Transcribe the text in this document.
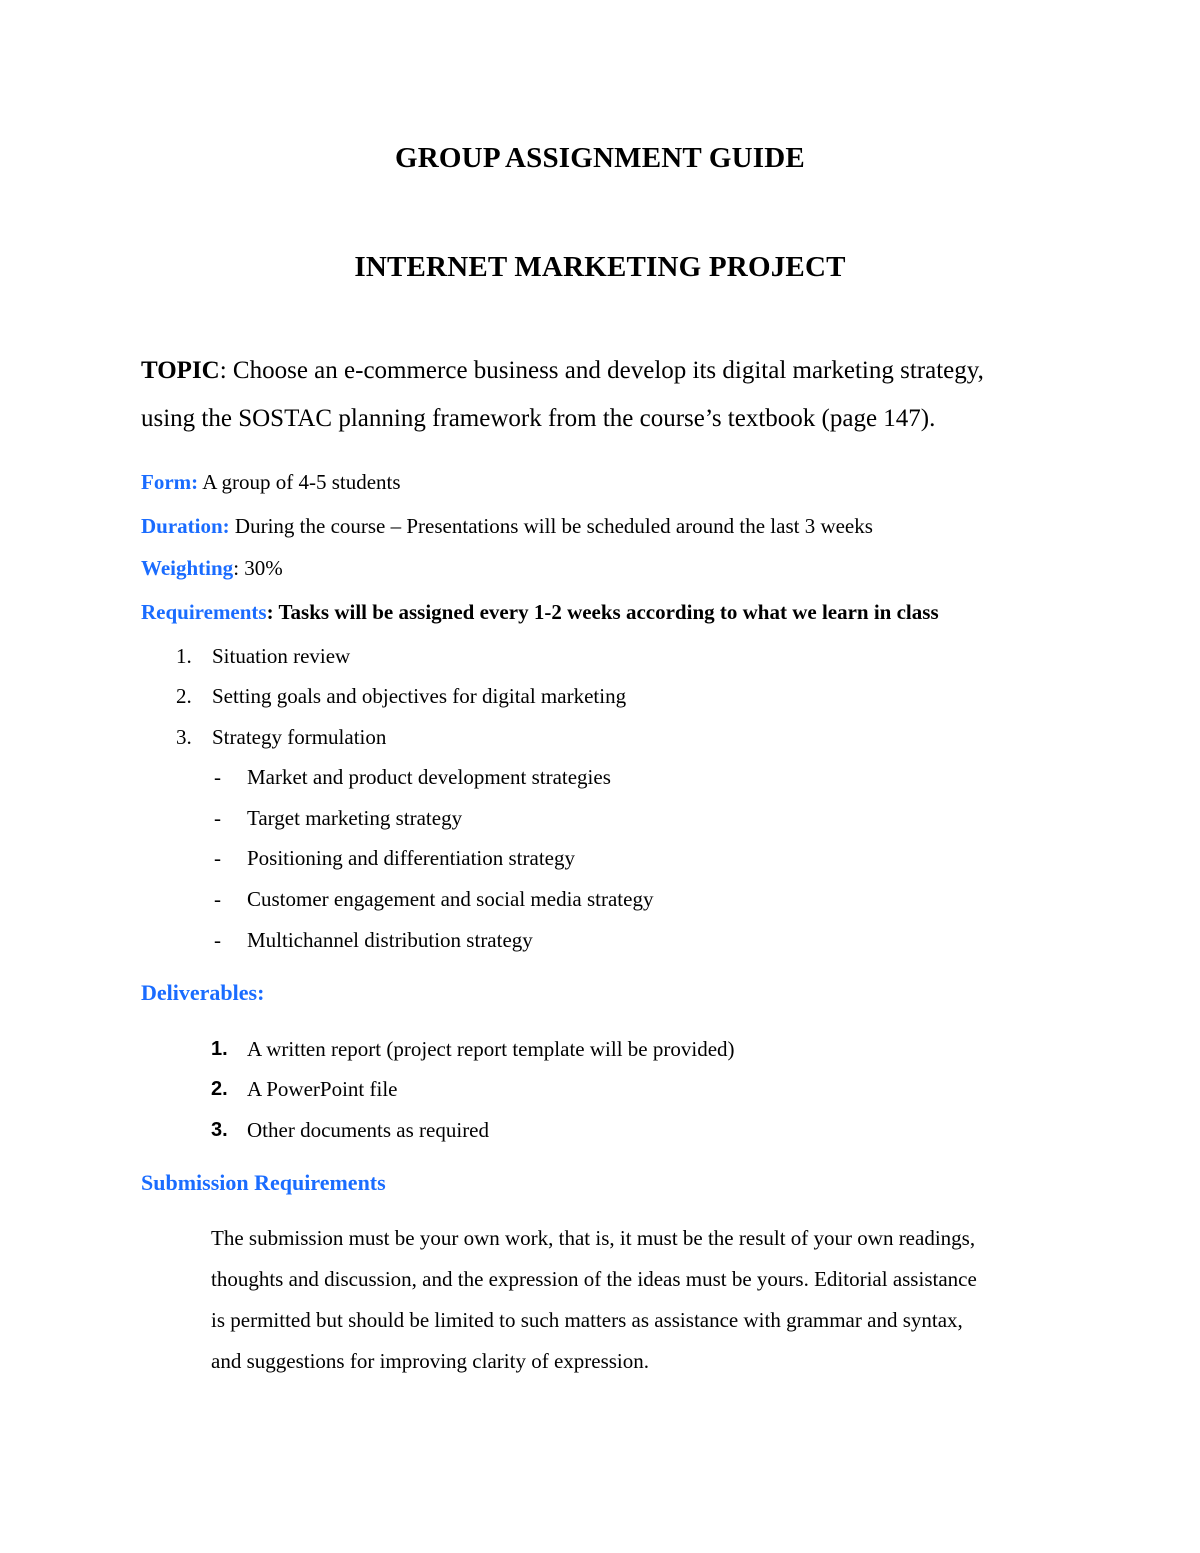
GROUP ASSIGNMENT GUIDE
INTERNET MARKETING PROJECT
TOPIC: Choose an e-commerce business and develop its digital marketing strategy,
using the SOSTAC planning framework from the course’s textbook (page 147).
Form: A group of 4-5 students
Duration: During the course – Presentations will be scheduled around the last 3 weeks
Weighting: 30%
Requirements: Tasks will be assigned every 1-2 weeks according to what we learn in class
1. Situation review
2. Setting goals and objectives for digital marketing
3. Strategy formulation
- Market and product development strategies
- Target marketing strategy
- Positioning and differentiation strategy
- Customer engagement and social media strategy
- Multichannel distribution strategy
Deliverables:
1. A written report (project report template will be provided)
2. A PowerPoint file
3. Other documents as required
Submission Requirements
The submission must be your own work, that is, it must be the result of your own readings,
thoughts and discussion, and the expression of the ideas must be yours. Editorial assistance
is permitted but should be limited to such matters as assistance with grammar and syntax,
and suggestions for improving clarity of expression.
